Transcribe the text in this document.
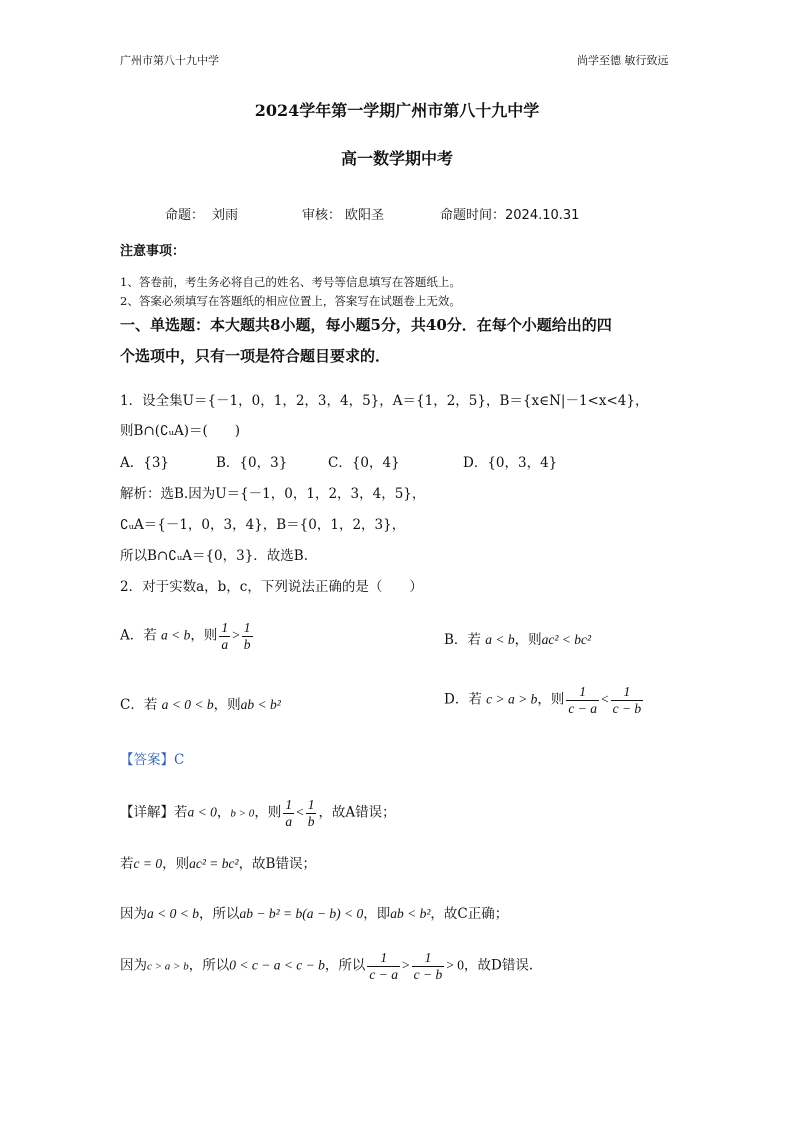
广州市第八十九中学	尚学至德 敏行致远
2024学年第一学期广州市第八十九中学
高一数学期中考
命题： 刘雨	审核： 欧阳圣	命题时间：2024.10.31
注意事项：
1、答卷前，考生务必将自己的姓名、考号等信息填写在答题纸上。
2、答案必须填写在答题纸的相应位置上，答案写在试题卷上无效。
一、单选题：本大题共8小题，每小题5分，共40分．在每个小题给出的四
个选项中，只有一项是符合题目要求的．
1．设全集U＝{－1，0，1，2，3，4，5}，A＝{1，2，5}，B＝{x∈N|－1<x<4}，
则B∩(∁ᵤA)＝(　　)
A．{3}	B．{0，3}	C．{0，4}	D．{0，3，4}
解析：选B.因为U＝{－1，0，1，2，3，4，5}，
∁ᵤA＝{－1，0，3，4}，B＝{0，1，2，3}，
所以B∩∁ᵤA＝{0，3}．故选B.
2．对于实数a，b，c，下列说法正确的是（　　）
A．若 a < b，则 $\frac{1}{a} > \frac{1}{b}$	B．若 a < b，则ac² < bc²
C．若 a < 0 < b，则ab < b²	D．若 c > a > b，则 $\frac{1}{c - a} < \frac{1}{c - b}$
【答案】C
【详解】若a < 0，b > 0，则 $\frac{1}{a} < \frac{1}{b}$ ，故A错误；
若c = 0，则ac² = bc²，故B错误；
因为a < 0 < b，所以ab − b² = b(a − b) < 0，即ab < b²，故C正确；
因为c > a > b，所以0 < c − a < c − b，所以 $\frac{1}{c - a} > \frac{1}{c - b} > 0$，故D错误.
